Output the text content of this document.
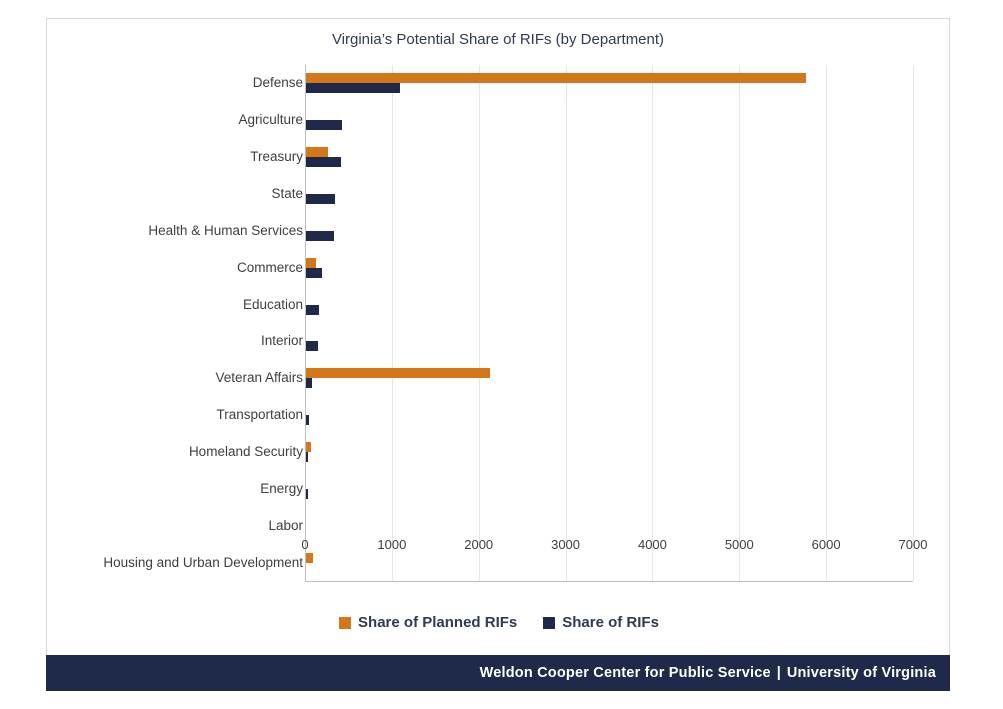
Virginia’s Potential Share of RIFs (by Department)
Defense
Agriculture
Treasury
State
Health & Human Services
Commerce
Education
Interior
Veteran Affairs
Transportation
Homeland Security
Energy
Labor
Housing and Urban Development
0	1000	2000	3000	4000	5000	6000	7000
Share of Planned RIFs	Share of RIFs
Weldon Cooper Center for Public Service | University of Virginia
